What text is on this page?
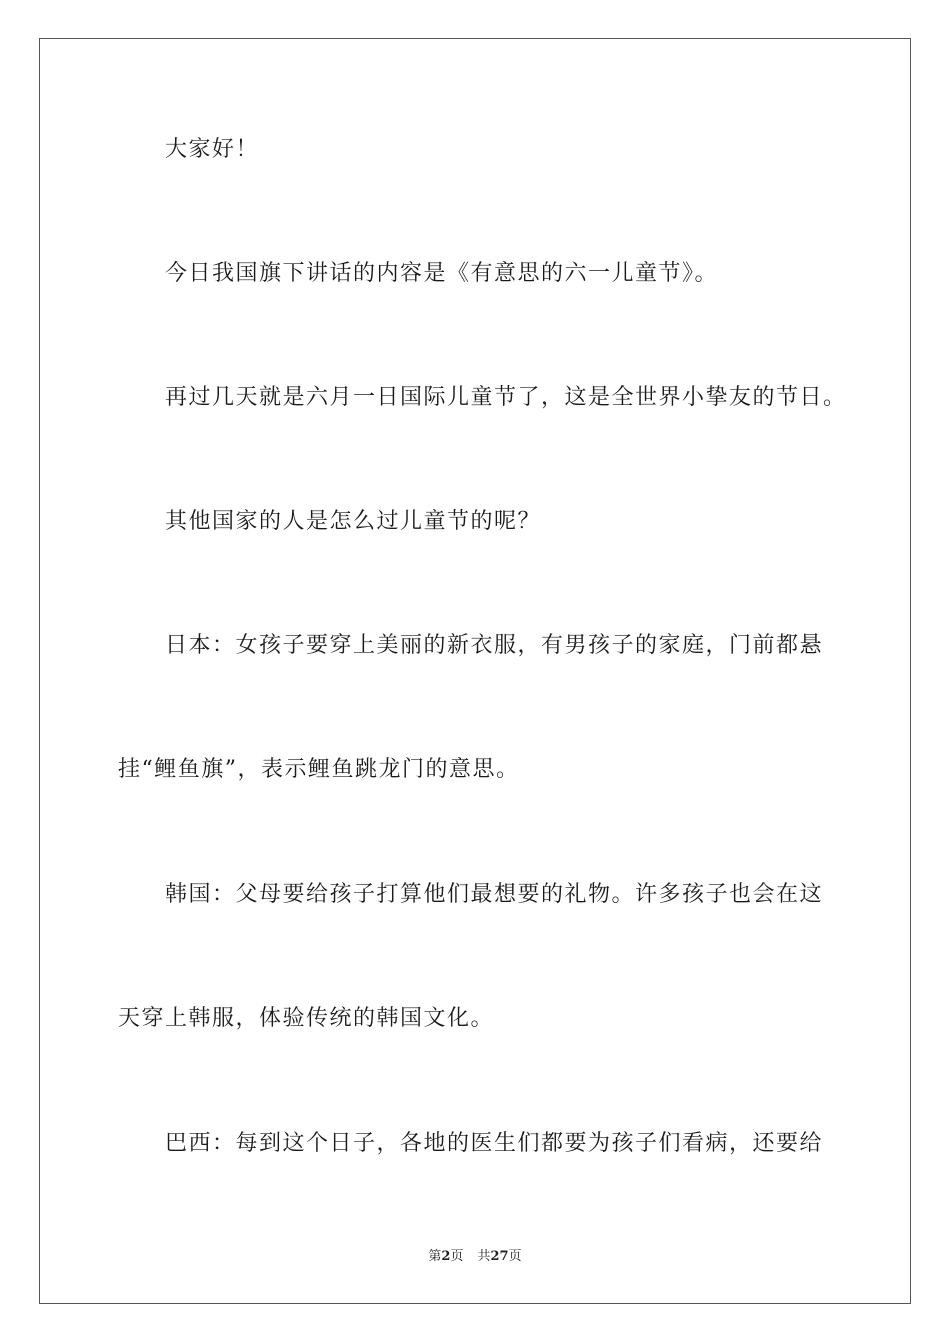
大家好！
今日我国旗下讲话的内容是《有意思的六一儿童节》。
再过几天就是六月一日国际儿童节了，这是全世界小挚友的节日。
其他国家的人是怎么过儿童节的呢？
日本：女孩子要穿上美丽的新衣服，有男孩子的家庭，门前都悬
挂“鲤鱼旗”，表示鲤鱼跳龙门的意思。
韩国：父母要给孩子打算他们最想要的礼物。许多孩子也会在这
天穿上韩服，体验传统的韩国文化。
巴西：每到这个日子，各地的医生们都要为孩子们看病，还要给
第2页 共27页
